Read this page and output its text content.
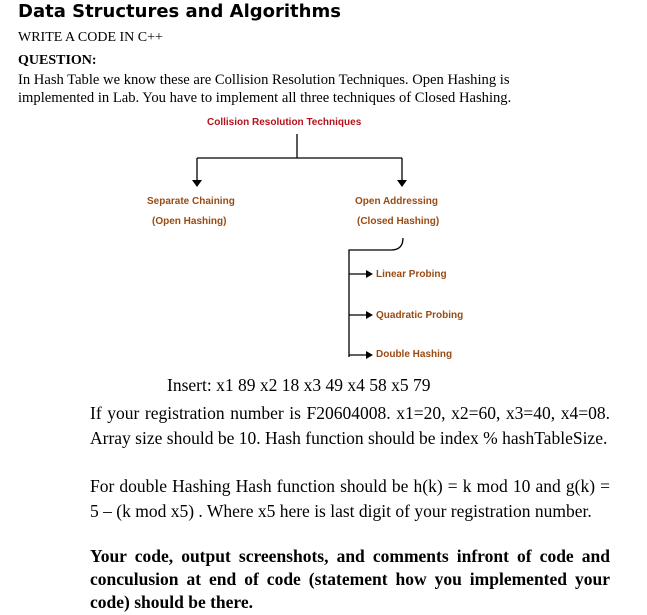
Data Structures and Algorithms
WRITE A CODE IN C++
QUESTION:
In Hash Table we know these are Collision Resolution Techniques. Open Hashing is
implemented in Lab. You have to implement all three techniques of Closed Hashing.
Collision Resolution Techniques
Separate Chaining
(Open Hashing)
Open Addressing
(Closed Hashing)
Linear Probing
Quadratic Probing
Double Hashing
Insert: x1 89 x2 18 x3 49 x4 58 x5 79
If your registration number is F20604008. x1=20, x2=60, x3=40, x4=08. Array size should be 10. Hash function should be index % hashTableSize.
For double Hashing Hash function should be h(k) = k mod 10 and g(k) = 5 – (k mod x5) . Where x5 here is last digit of your registration number.
Your code, output screenshots, and comments infront of code and conculusion at end of code (statement how you implemented your code) should be there.
